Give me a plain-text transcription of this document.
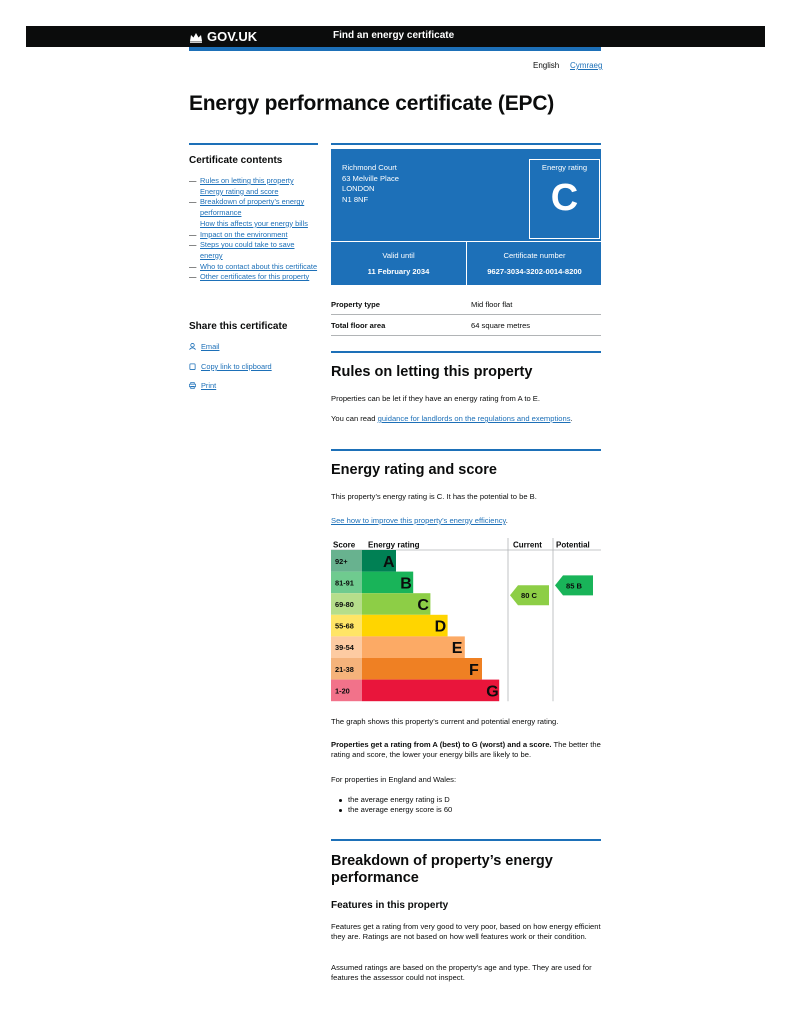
GOV.UK	Find an energy certificate
English Cymraeg
Energy performance certificate (EPC)
Certificate contents
— Rules on letting this property
Energy rating and score
— Breakdown of property’s energy performance
How this affects your energy bills
— Impact on the environment
— Steps you could take to save energy
— Who to contact about this certificate
— Other certificates for this property
Share this certificate
Email
Copy link to clipboard
Print
Richmond Court
63 Melville Place
LONDON
N1 8NF
Energy rating
C
Valid until
11 February 2034
Certificate number
9627-3034-3202-0014-8200
Property type	Mid floor flat
Total floor area	64 square metres
Rules on letting this property

Properties can be let if they have an energy rating from A to E.

You can read guidance for landlords on the regulations and exemptions.

Energy rating and score

This property’s energy rating is C. It has the potential to be B.

See how to improve this property’s energy efficiency.

Score Energy rating	Current Potential
92+ A
81-91	B
69-80	C
55-68	D
39-54	E
21-38	F
1-20	G
80 C
85 B

The graph shows this property’s current and potential energy rating.

Properties get a rating from A (best) to G (worst) and a score. The better the rating and score, the lower your energy bills are likely to be.

For properties in England and Wales:

the average energy rating is D
the average energy score is 60
Breakdown of property’s energy
performance
Features in this property

Features get a rating from very good to very poor, based on how energy efficient they are. Ratings are not based on how well features work or their condition.

Assumed ratings are based on the property’s age and type. They are used for features the assessor could not inspect.
